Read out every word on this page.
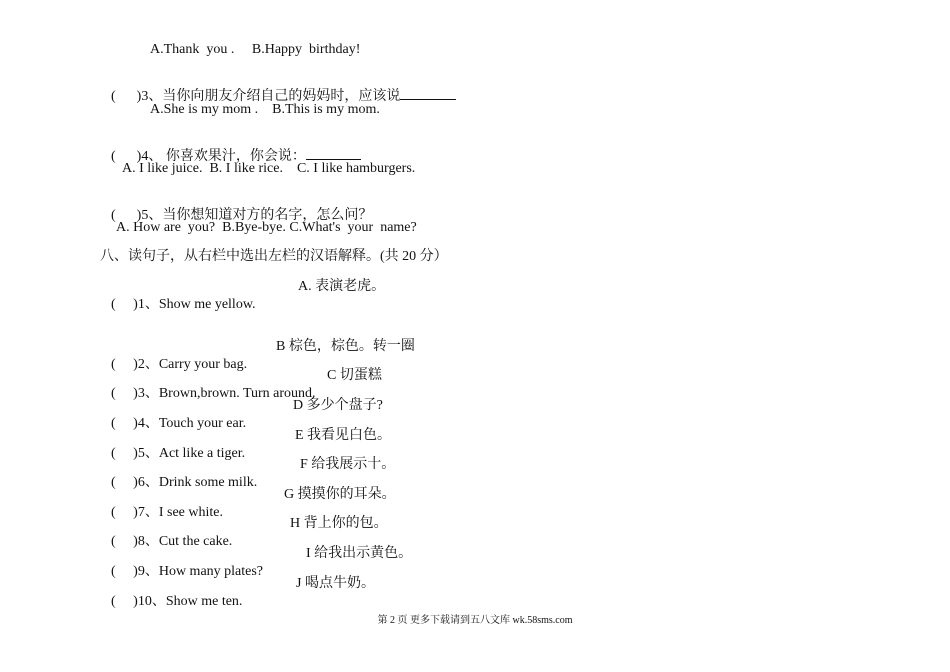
A.Thank  you .     B.Happy  birthday!

(      )3、当你向朋友介绍自己的妈妈时，应该说

A.She is my mom .    B.This is my mom.

(      )4、 你喜欢果汁，你会说：

A. I like juice.  B. I like rice.    C. I like hamburgers.

(      )5、当你想知道对方的名字，怎么问？

A. How are  you?  B.Bye-bye. C.What's  your  name?
八、读句子，从右栏中选出左栏的汉语解释。(共 20 分）

(     )1、Show me yellow.

A. 表演老虎。

(     )2、Carry your bag.

B 棕色，棕色。转一圈

(     )3、Brown,brown. Turn around.

C 切蛋糕

(     )4、Touch your ear.

D 多少个盘子?

(     )5、Act like a tiger.

E 我看见白色。

(     )6、Drink some milk.

F 给我展示十。

(     )7、I see white.

G 摸摸你的耳朵。

(     )8、Cut the cake.

H 背上你的包。

(     )9、How many plates?

I 给我出示黄色。

(     )10、Show me ten.

J 喝点牛奶。
第 2 页 更多下载请到五八文库 wk.58sms.com
